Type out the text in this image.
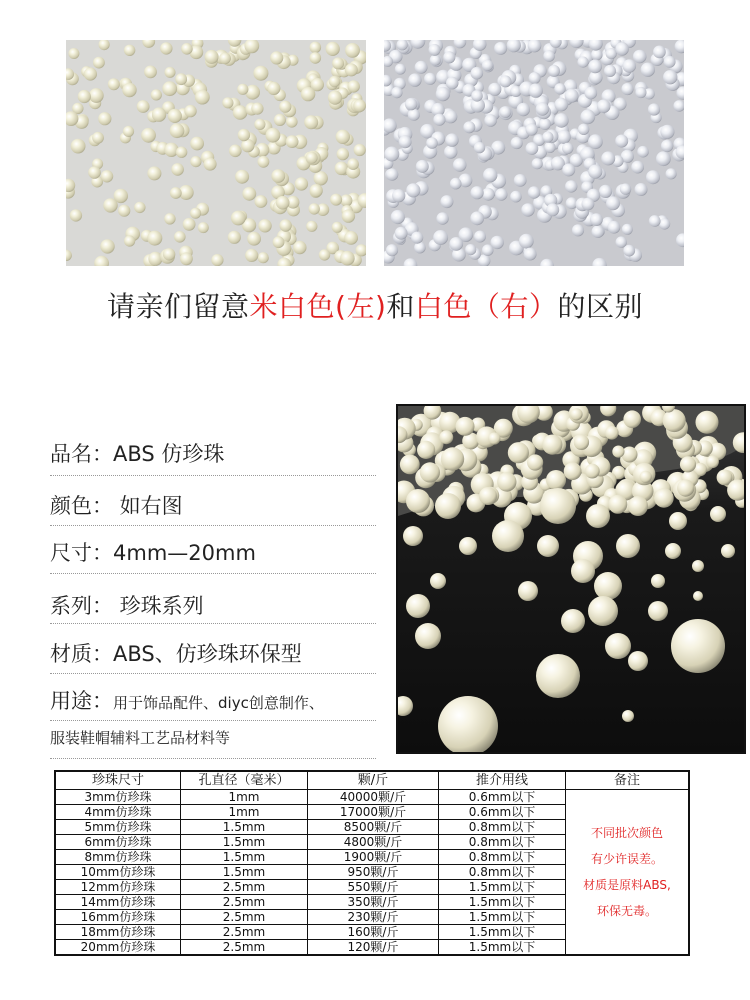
请亲们留意米白色(左)和白色（右）的区别
品名：ABS 仿珍珠
颜色： 如右图
尺寸：4mm—20mm
系列： 珍珠系列
材质：ABS、仿珍珠环保型
用途：用于饰品配件、diyc创意制作、
服装鞋帽辅料工艺品材料等
珍珠尺寸	孔直径（毫米）	颗/斤	推介用线	备注
3mm仿珍珠	1mm	40000颗/斤	0.6mm以下	不同批次颜色
有少许误差。
材质是原料ABS,
环保无毒。

4mm仿珍珠	1mm	17000颗/斤	0.6mm以下	
5mm仿珍珠	1.5mm	8500颗/斤	0.8mm以下	
6mm仿珍珠	1.5mm	4800颗/斤	0.8mm以下	
8mm仿珍珠	1.5mm	1900颗/斤	0.8mm以下	
10mm仿珍珠	1.5mm	950颗/斤	0.8mm以下	
12mm仿珍珠	2.5mm	550颗/斤	1.5mm以下	
14mm仿珍珠	2.5mm	350颗/斤	1.5mm以下	
16mm仿珍珠	2.5mm	230颗/斤	1.5mm以下	
18mm仿珍珠	2.5mm	160颗/斤	1.5mm以下	
20mm仿珍珠	2.5mm	120颗/斤	1.5mm以下	
